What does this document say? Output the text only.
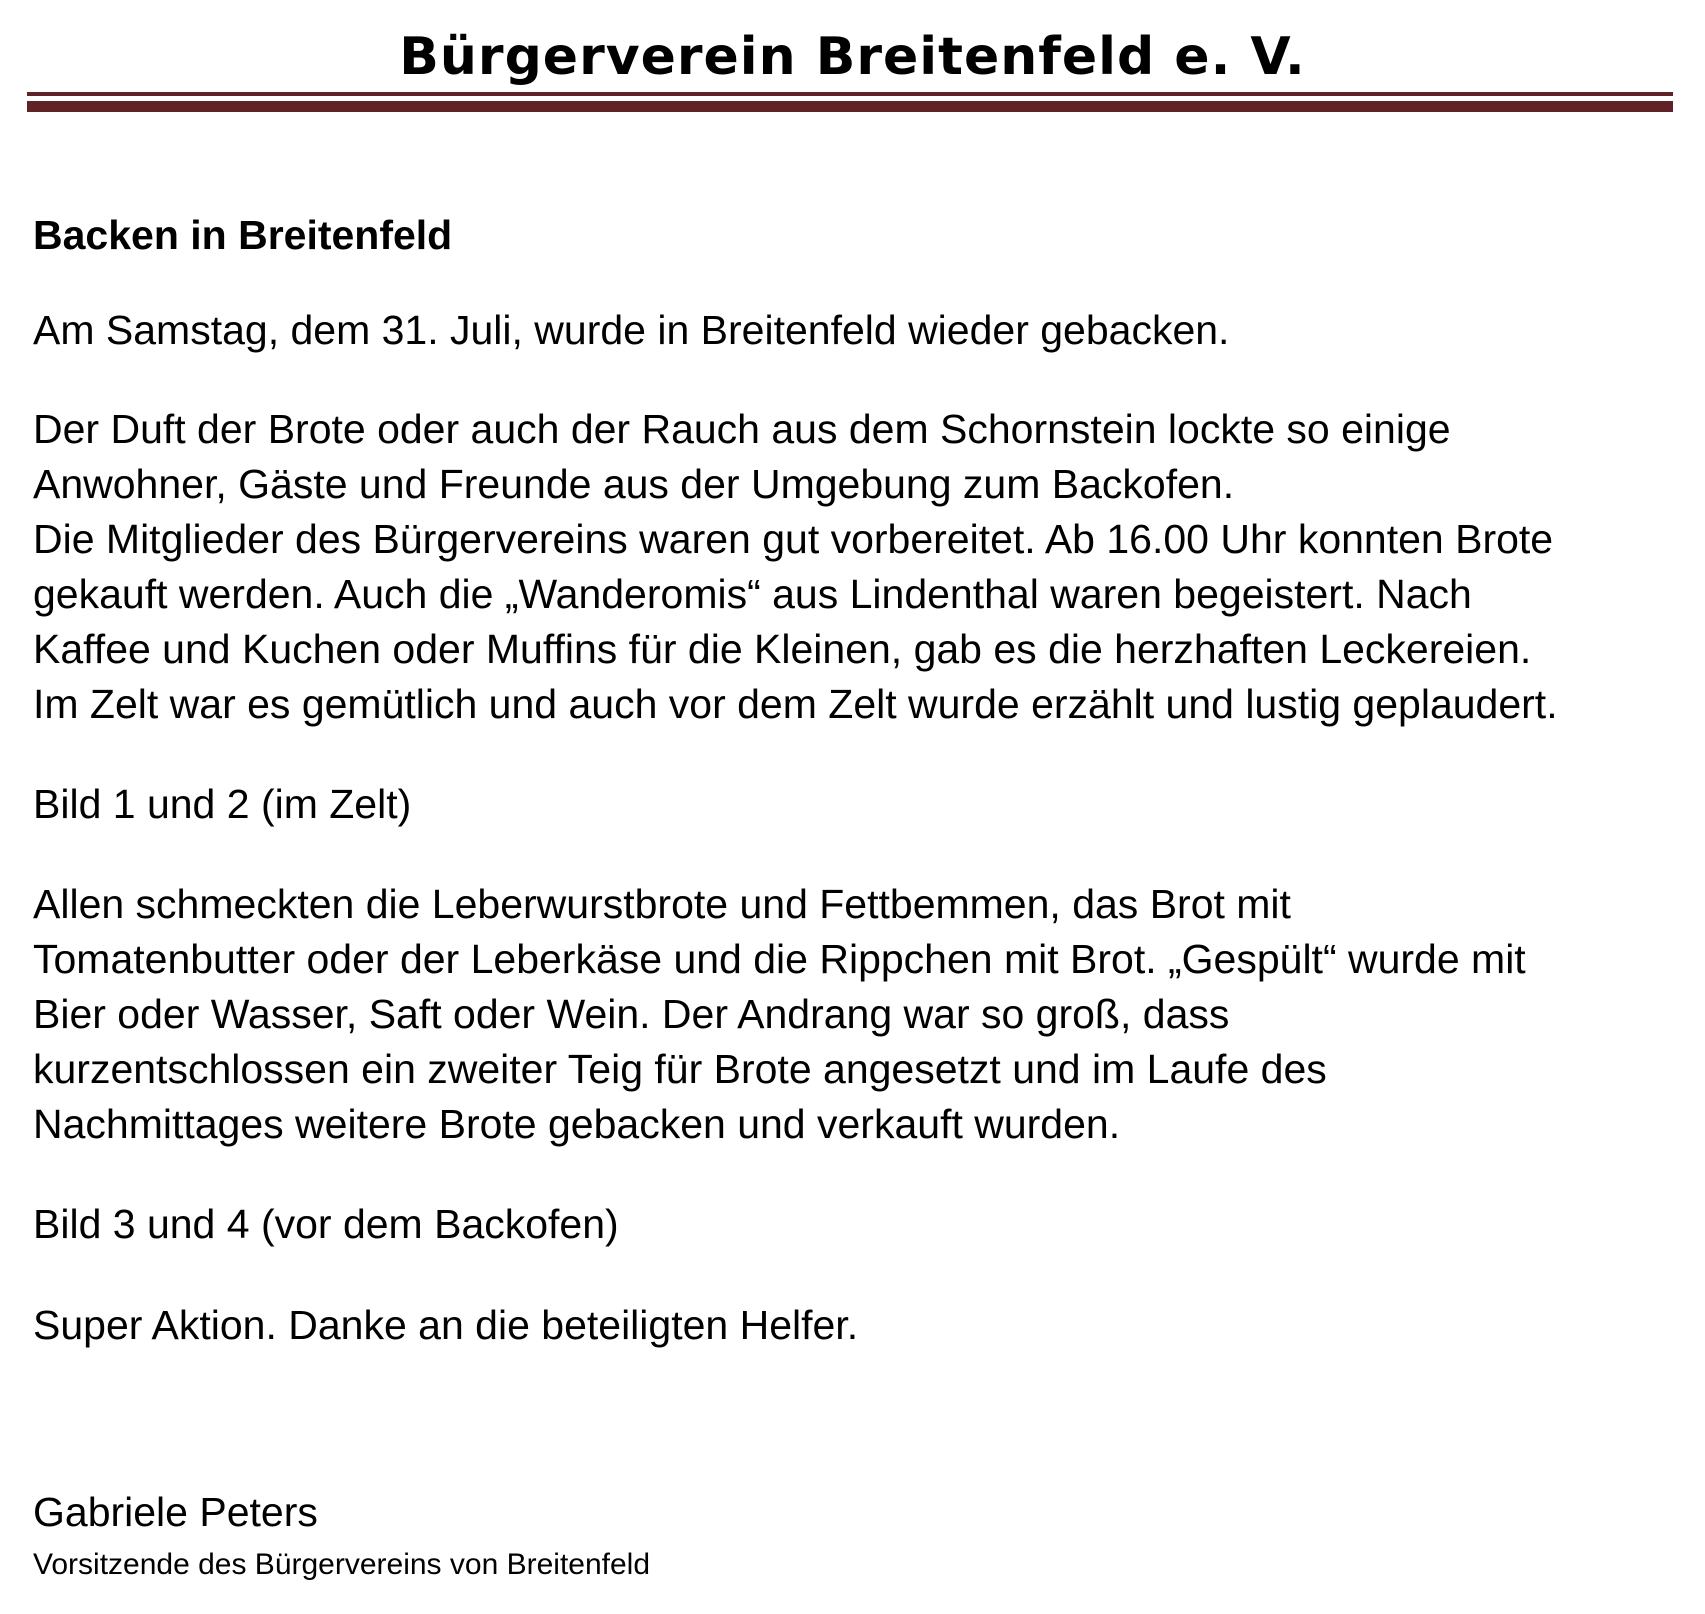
Bürgerverein Breitenfeld e. V.
Backen in Breitenfeld
Am Samstag, dem 31. Juli, wurde in Breitenfeld wieder gebacken.
Der Duft der Brote oder auch der Rauch aus dem Schornstein lockte so einige
Anwohner, Gäste und Freunde aus der Umgebung zum Backofen.
Die Mitglieder des Bürgervereins waren gut vorbereitet. Ab 16.00 Uhr konnten Brote
gekauft werden. Auch die „Wanderomis“ aus Lindenthal waren begeistert. Nach
Kaffee und Kuchen oder Muffins für die Kleinen, gab es die herzhaften Leckereien.
Im Zelt war es gemütlich und auch vor dem Zelt wurde erzählt und lustig geplaudert.
Bild 1 und 2 (im Zelt)
Allen schmeckten die Leberwurstbrote und Fettbemmen, das Brot mit
Tomatenbutter oder der Leberkäse und die Rippchen mit Brot. „Gespült“ wurde mit
Bier oder Wasser, Saft oder Wein. Der Andrang war so groß, dass
kurzentschlossen ein zweiter Teig für Brote angesetzt und im Laufe des
Nachmittages weitere Brote gebacken und verkauft wurden.
Bild 3 und 4 (vor dem Backofen)
Super Aktion. Danke an die beteiligten Helfer.
Gabriele Peters
Vorsitzende des Bürgervereins von Breitenfeld
